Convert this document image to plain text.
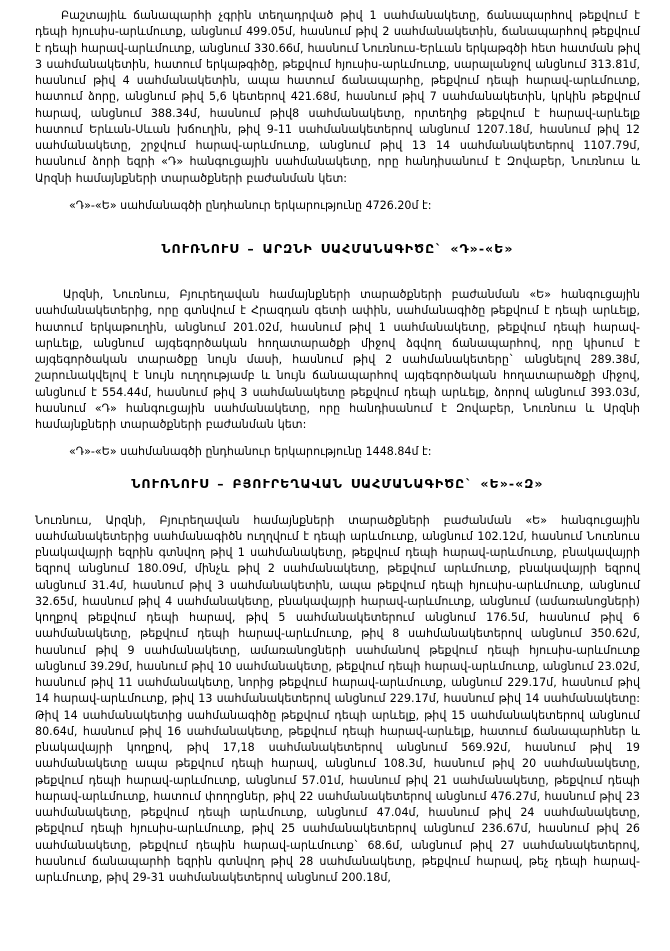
Բաշտայիև ճանապարհի չգրին տեղադրված թիվ 1 սահմանակետը, ճանապարհով թեքվում է դեպի հյուսիս-արևմուտք, անցնում 499.05մ, հասնում թիվ 2 սահմանակետին, ճանապարհով թեքվում է դեպի հարավ-արևմուտք, անցնում 330.66մ, հասնում Նուռնուս-Երևան երկաթգծի հետ հատման թիվ 3 սահմանակետին, հատում երկաթգիծը, թեքվում հյուսիս-արևմուտք, սարալանջով անցնում 313.81մ, հասնում թիվ 4 սահմանակետին, ապա հատում ճանապարհը, թեքվում դեպի հարավ-արևմուտք, հատում ձորը, անցնում թիվ 5,6 կետերով 421.68մ, հասնում թիվ 7 սահմանակետին, կրկին թեքվում հարավ, անցնում 388.34մ, հասնում թիվ8 սահմանակետը, որտեղից թեքվում է հարավ-արևելք հատում Երևան-Սևան խճուղին, թիվ 9-11 սահմանակետերով անցնում 1207.18մ, հասնում թիվ 12 սահմանակետը, շրջվում հարավ-արևմուտք, անցնում թիվ 13 14 սահմանակետերով 1107.79մ, հասնում ձորի եզրի «Դ» հանգուցային սահմանակետը, որը հանդիսանում է Զովաբեր, Նուռնուս և Արզնի համայնքների տարածքների բաժանման կետ:

«Դ»-«Ե» սահմանագծի ընդհանուր երկարությունը 4726.20մ է:

ՆՈՒՌՆՈՒՍ – ԱՐԶՆԻ ՍԱՀՄԱՆԱԳԻԾԸ` «Դ»-«Ե»

Արզնի, Նուռնուս, Բյուրեղավան համայնքների տարածքների բաժանման «Ե» հանգուցային սահմանակետերից, որը գտնվում է Հրազդան գետի ափին, սահմանագիծը թեքվում է դեպի արևելք, հատում երկաթուղին, անցնում 201.02մ, հասնում թիվ 1 սահմանակետը, թեքվում դեպի հարավ-արևելք, անցնում այգեգործական հողատարածքի միջով ձգվող ճանապարհով, որը կիսում է այգեգործական տարածքը նույն մասի, հասնում թիվ 2 սահմանակետերը` անցնելով 289.38մ, շարունակվելով է նույն ուղղությամբ և նույն ճանապարհով այգեգործական հողատարածքի միջով, անցնում է 554.44մ, հասնում թիվ 3 սահմանակետը թեքվում դեպի արևելք, ձորով անցնում 393.03մ, հասնում «Դ» հանգուցային սահմանակետը, որը հանդիսանում է Զովաբեր, Նուռնուս և Արզնի համայնքների տարածքների բաժանման կետ:

«Դ»-«Ե» սահմանագծի ընդհանուր երկարությունը 1448.84մ է:

ՆՈՒՌՆՈՒՍ – ԲՅՈՒՐԵՂԱՎԱՆ ՍԱՀՄԱՆԱԳԻԾԸ` «Ե»-«Զ»

Նուռնուս, Արզնի, Բյուրեղավան համայնքների տարածքների բաժանման «Ե» հանգուցային սահմանակետերից սահմանագիծն ուղղվում է դեպի արևմուտք, անցնում 102.12մ, հասնում Նուռնուս բնակավայրի եզրին գտնվող թիվ 1 սահմանակետը, թեքվում դեպի հարավ-արևմուտք, բնակավայրի եզրով անցնում 180.09մ, մինչև թիվ 2 սահմանակետը, թեքվում արևմուտք, բնակավայրի եզրով անցնում 31.4մ, հասնում թիվ 3 սահմանակետին, ապա թեքվում դեպի հյուսիս-արևմուտք, անցնում 32.65մ, հասնում թիվ 4 սահմանակետը, բնակավայրի հարավ-արևմուտք, անցնում (ամառանոցների) կողքով թեքվում դեպի հարավ, թիվ 5 սահմանակետերում անցնում 176.5մ, հասնում թիվ 6 սահմանակետը, թեքվում դեպի հարավ-արևմուտք, թիվ 8 սահմանակետերով անցնում 350.62մ, հասնում թիվ 9 սահմանակետը, ամառանոցների սահմանով թեքվում դեպի հյուսիս-արևմուտք անցնում 39.29մ, հասնում թիվ 10 սահմանակետը, թեքվում դեպի հարավ-արևմուտք, անցնում 23.02մ, հասնում թիվ 11 սահմանակետը, նորից թեքվում հարավ-արևմուտք, անցնում 229.17մ, հասնում թիվ 14 հարավ-արևմուտք, թիվ 13 սահմանակետերով անցնում 229.17մ, հասնում թիվ 14 սահմանակետը: Թիվ 14 սահմանակետից սահմանագիծը թեքվում դեպի արևելք, թիվ 15 սահմանակետերով անցնում 80.64մ, հասնում թիվ 16 սահմանակետը, թեքվում դեպի հարավ-արևելք, հատում ճանապարհներ և բնակավայրի կողքով, թիվ 17,18 սահմանակետերով անցնում 569.92մ, հասնում թիվ 19 սահմանակետը ապա թեքվում դեպի հարավ, անցնում 108.3մ, հասնում թիվ 20 սահմանակետը, թեքվում դեպի հարավ-արևմուտք, անցնում 57.01մ, հասնում թիվ 21 սահմանակետը, թեքվում դեպի հարավ-արևմուտք, հատում փողոցներ, թիվ 22 սահմանակետերով անցնում 476.27մ, հասնում թիվ 23 սահմանակետը, թեքվում դեպի արևմուտք, անցնում 47.04մ, հասնում թիվ 24 սահմանակետը, թեքվում դեպի հյուսիս-արևմուտք, թիվ 25 սահմանակետերով անցնում 236.67մ, հասնում թիվ 26 սահմանակետը, թեքվում դեպին հարավ-արևմուտք` 68.6մ, անցնում թիվ 27 սահմանակետերով, հասնում ճանապարհի եզրին գտնվող թիվ 28 սահմանակետը, թեքվում հարավ, թեչ դեպի հարավ-արևմուտք, թիվ 29-31 սահմանակետերով անցնում 200.18մ,
